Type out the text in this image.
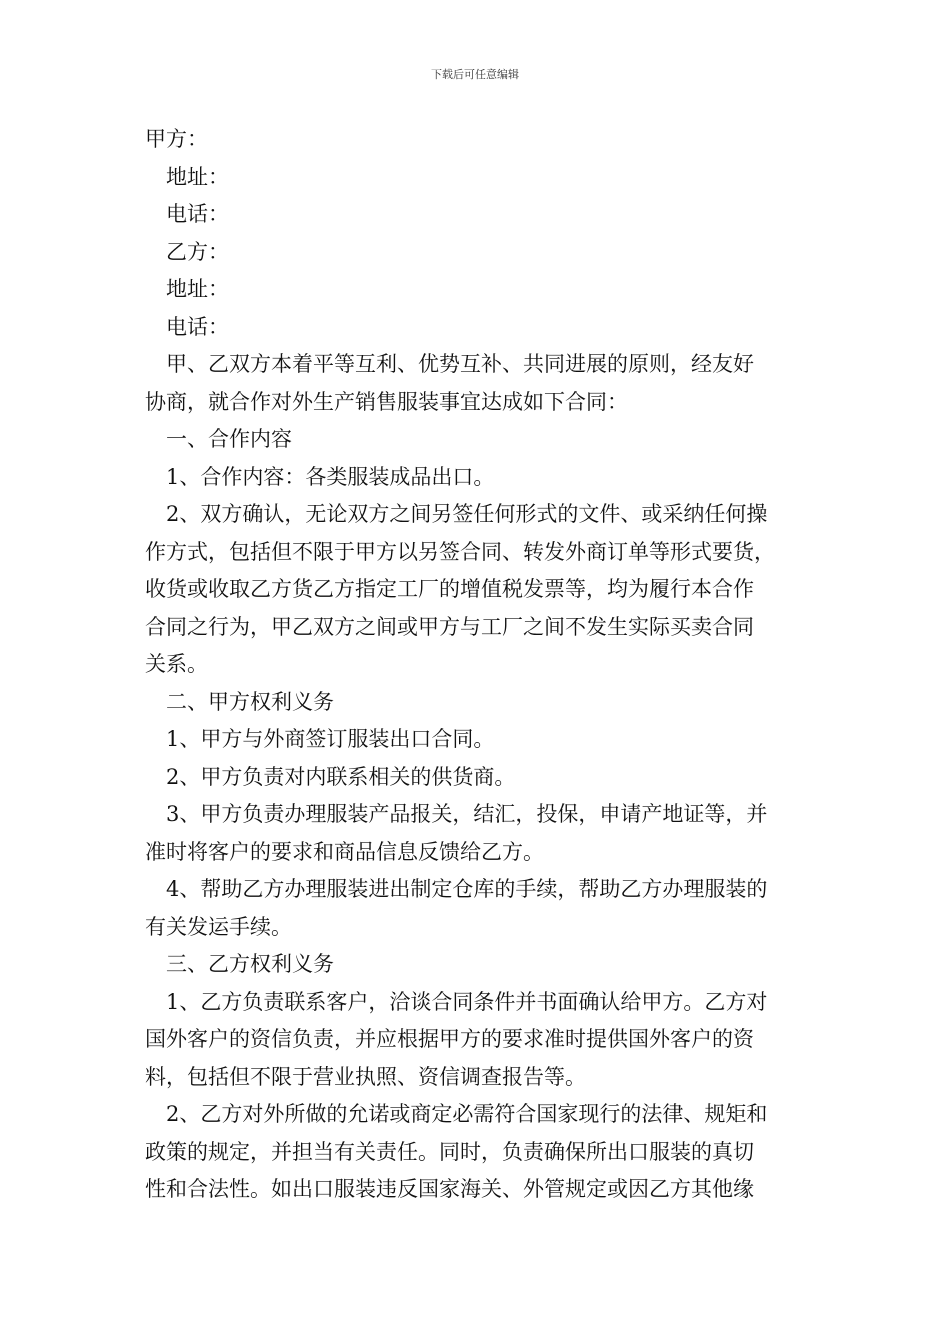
下载后可任意编辑
甲方：
地址：
电话：
乙方：
地址：
电话：
甲、乙双方本着平等互利、优势互补、共同进展的原则，经友好
协商，就合作对外生产销售服装事宜达成如下合同：
一、合作内容
1、合作内容：各类服装成品出口。
2、双方确认，无论双方之间另签任何形式的文件、或采纳任何操
作方式，包括但不限于甲方以另签合同、转发外商订单等形式要货，
收货或收取乙方货乙方指定工厂的增值税发票等，均为履行本合作
合同之行为，甲乙双方之间或甲方与工厂之间不发生实际买卖合同
关系。
二、甲方权利义务
1、甲方与外商签订服装出口合同。
2、甲方负责对内联系相关的供货商。
3、甲方负责办理服装产品报关，结汇，投保，申请产地证等，并
准时将客户的要求和商品信息反馈给乙方。
4、帮助乙方办理服装进出制定仓库的手续，帮助乙方办理服装的
有关发运手续。
三、乙方权利义务
1、乙方负责联系客户，洽谈合同条件并书面确认给甲方。乙方对
国外客户的资信负责，并应根据甲方的要求准时提供国外客户的资
料，包括但不限于营业执照、资信调查报告等。
2、乙方对外所做的允诺或商定必需符合国家现行的法律、规矩和
政策的规定，并担当有关责任。同时，负责确保所出口服装的真切
性和合法性。如出口服装违反国家海关、外管规定或因乙方其他缘
